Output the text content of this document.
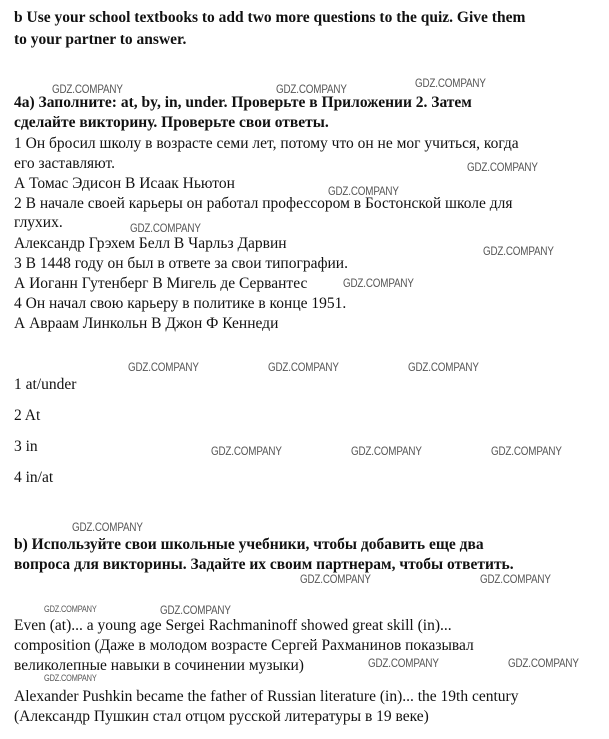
b Use your school textbooks to add two more questions to the quiz. Give them
to your partner to answer.
4а) Заполните: at, by, in, under. Проверьте в Приложении 2. Затем
сделайте викторину. Проверьте свои ответы.
1 Он бросил школу в возрасте семи лет, потому что он не мог учиться, когда
его заставляют.
А Томас Эдисон В Исаак Ньютон
2 В начале своей карьеры он работал профессором в Бостонской школе для
глухих.
Александр Грэхем Белл В Чарльз Дарвин
3 В 1448 году он был в ответе за свои типографии.
А Иоганн Гутенберг В Мигель де Сервантес
4 Он начал свою карьеру в политике в конце 1951.
А Авраам Линкольн В Джон Ф Кеннеди
1 at/under
2 At
3 in
4 in/at
b) Используйте свои школьные учебники, чтобы добавить еще два
вопроса для викторины. Задайте их своим партнерам, чтобы ответить.
Even (at)... a young age Sergei Rachmaninoff showed great skill (in)...
composition (Даже в молодом возрасте Сергей Рахманинов показывал
великолепные навыки в сочинении музыки)
Alexander Pushkin became the father of Russian literature (in)... the 19th century
(Александр Пушкин стал отцом русской литературы в 19 веке)
GDZ.COMPANY	GDZ.COMPANY	GDZ.COMPANY
GDZ.COMPANY
GDZ.COMPANY
GDZ.COMPANY
GDZ.COMPANY
GDZ.COMPANY
GDZ.COMPANY	GDZ.COMPANY	GDZ.COMPANY
GDZ.COMPANY	GDZ.COMPANY	GDZ.COMPANY
GDZ.COMPANY
GDZ.COMPANY	GDZ.COMPANY
GDZ.COMPANY	GDZ.COMPANY
GDZ.COMPANY	GDZ.COMPANY
GDZ.COMPANY
